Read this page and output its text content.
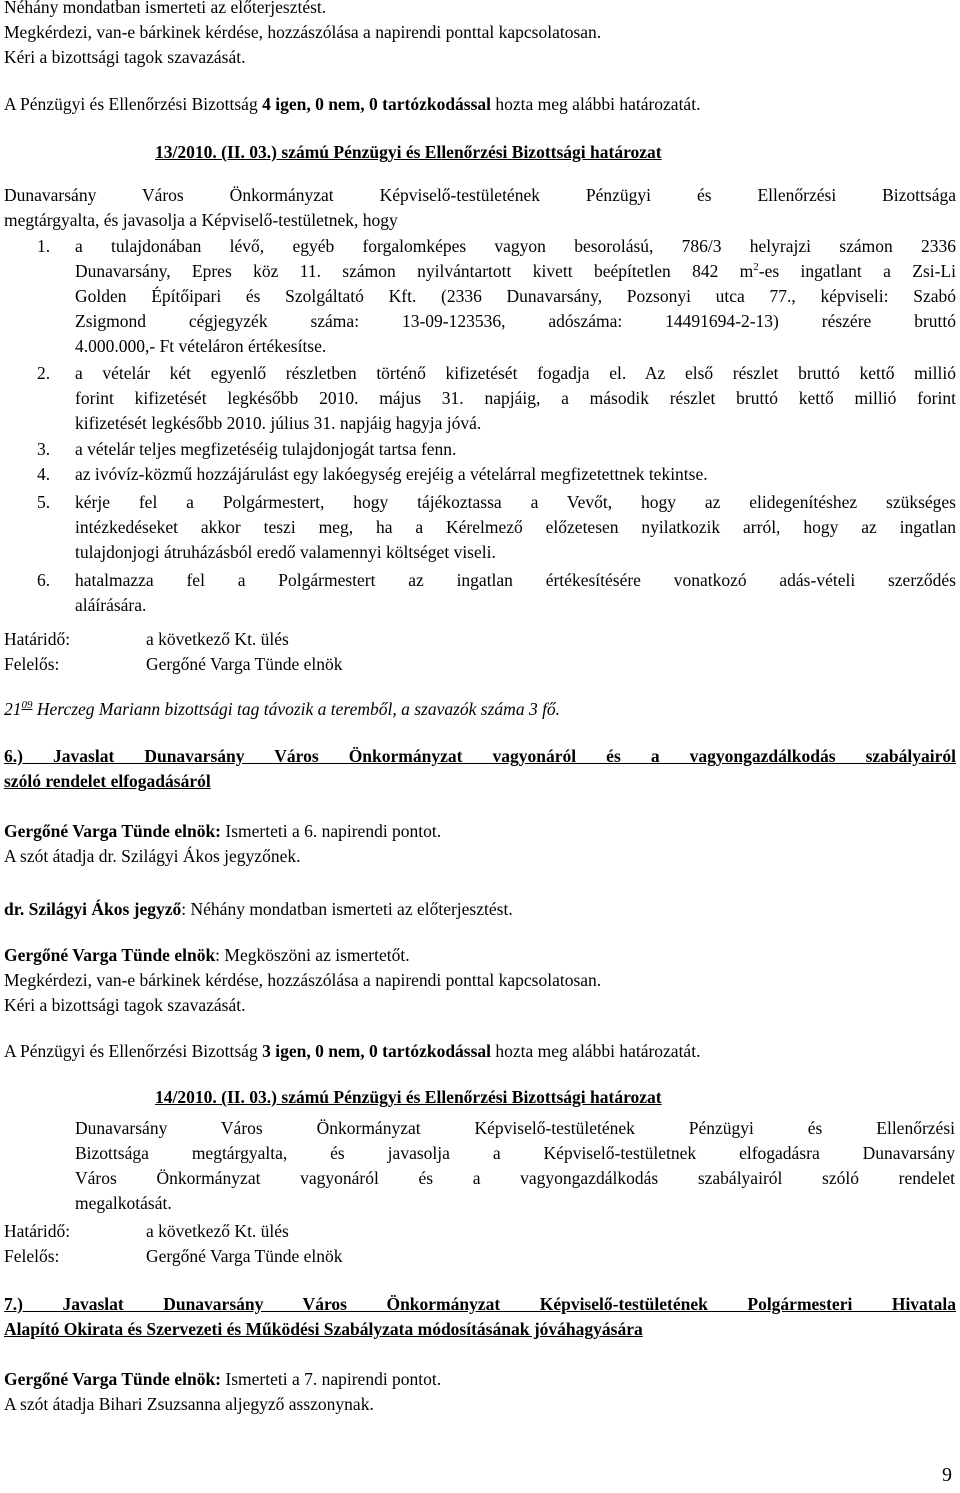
Néhány mondatban ismerteti az előterjesztést.
Megkérdezi, van-e bárkinek kérdése, hozzászólása a napirendi ponttal kapcsolatosan.
Kéri a bizottsági tagok szavazását.
A Pénzügyi és Ellenőrzési Bizottság 4 igen, 0 nem, 0 tartózkodással hozta meg alábbi határozatát.
13/2010. (II. 03.) számú Pénzügyi és Ellenőrzési Bizottsági határozat
Dunavarsány Város Önkormányzat Képviselő-testületének Pénzügyi és Ellenőrzési Bizottsága
megtárgyalta, és javasolja a Képviselő-testületnek, hogy
1. a tulajdonában lévő, egyéb forgalomképes vagyon besorolású, 786/3 helyrajzi számon 2336
Dunavarsány, Epres köz 11. számon nyilvántartott kivett beépítetlen 842 $m^2-es$ ingatlant a Zsi-Li
Golden Építőipari és Szolgáltató Kft. (2336 Dunavarsány, Pozsonyi utca 77., képviseli: Szabó
Zsigmond cégjegyzék száma: 13-09-123536, adószáma: 14491694-2-13) részére bruttó
4.000.000,- Ft vételáron értékesítse.
2. a vételár két egyenlő részletben történő kifizetését fogadja el. Az első részlet bruttó kettő millió
forint kifizetését legkésőbb 2010. május 31. napjáig, a második részlet bruttó kettő millió forint
kifizetését legkésőbb 2010. július 31. napjáig hagyja jóvá.
3. a vételár teljes megfizetéséig tulajdonjogát tartsa fenn.
4. az ivóvíz-közmű hozzájárulást egy lakóegység erejéig a vételárral megfizetettnek tekintse.
5. kérje fel a Polgármestert, hogy tájékoztassa a Vevőt, hogy az elidegenítéshez szükséges
intézkedéseket akkor teszi meg, ha a Kérelmező előzetesen nyilatkozik arról, hogy az ingatlan
tulajdonjogi átruházásból eredő valamennyi költséget viseli.
6. hatalmazza fel a Polgármestert az ingatlan értékesítésére vonatkozó adás-vételi szerződés
aláírására.
Határidő:	a következő Kt. ülés
Felelős:	Gergőné Varga Tünde elnök
$21^{09}$ Herczeg Mariann bizottsági tag távozik a teremből, a szavazók száma 3 fő.
6.) Javaslat Dunavarsány Város Önkormányzat vagyonáról és a vagyongazdálkodás szabályairól
szóló rendelet elfogadásáról
Gergőné Varga Tünde elnök: Ismerteti a 6. napirendi pontot.
A szót átadja dr. Szilágyi Ákos jegyzőnek.
dr. Szilágyi Ákos jegyző: Néhány mondatban ismerteti az előterjesztést.
Gergőné Varga Tünde elnök: Megköszöni az ismertetőt.
Megkérdezi, van-e bárkinek kérdése, hozzászólása a napirendi ponttal kapcsolatosan.
Kéri a bizottsági tagok szavazását.
A Pénzügyi és Ellenőrzési Bizottság 3 igen, 0 nem, 0 tartózkodással hozta meg alábbi határozatát.
14/2010. (II. 03.) számú Pénzügyi és Ellenőrzési Bizottsági határozat
Dunavarsány Város Önkormányzat Képviselő-testületének Pénzügyi és Ellenőrzési
Bizottsága megtárgyalta, és javasolja a Képviselő-testületnek elfogadásra Dunavarsány
Város Önkormányzat vagyonáról és a vagyongazdálkodás szabályairól szóló rendelet
megalkotását.
Határidő:	a következő Kt. ülés
Felelős:	Gergőné Varga Tünde elnök
7.) Javaslat Dunavarsány Város Önkormányzat Képviselő-testületének Polgármesteri Hivatala
Alapító Okirata és Szervezeti és Működési Szabályzata módosításának jóváhagyására
Gergőné Varga Tünde elnök: Ismerteti a 7. napirendi pontot.
A szót átadja Bihari Zsuzsanna aljegyző asszonynak.
9
